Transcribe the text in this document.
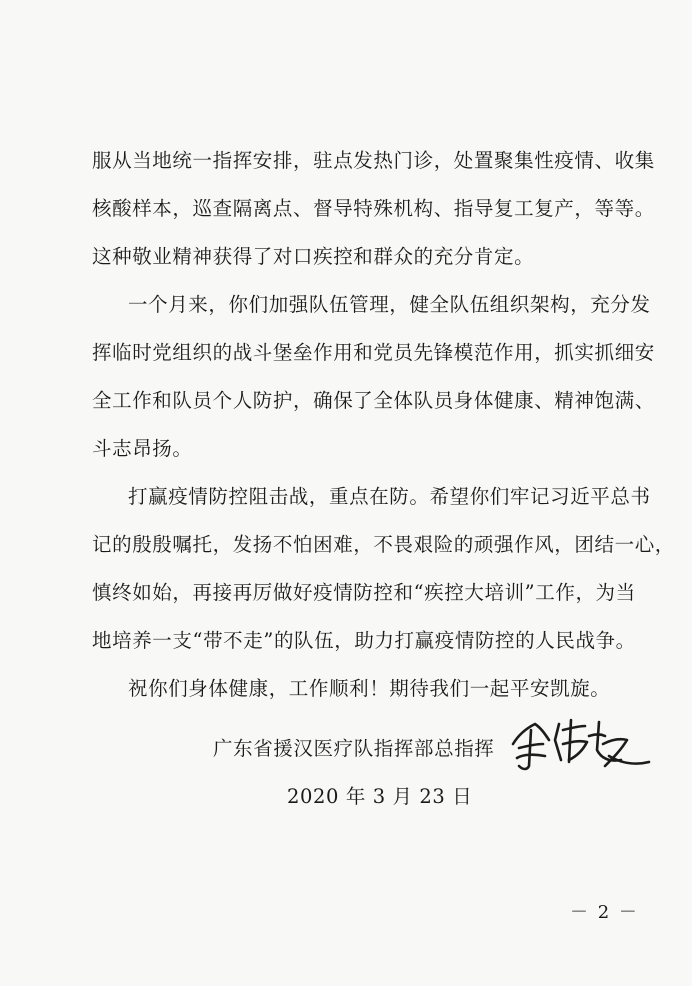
服从当地统一指挥安排，驻点发热门诊，处置聚集性疫情、收集
核酸样本，巡查隔离点、督导特殊机构、指导复工复产，等等。
这种敬业精神获得了对口疾控和群众的充分肯定。
一个月来，你们加强队伍管理，健全队伍组织架构，充分发
挥临时党组织的战斗堡垒作用和党员先锋模范作用，抓实抓细安
全工作和队员个人防护，确保了全体队员身体健康、精神饱满、
斗志昂扬。
打赢疫情防控阻击战，重点在防。希望你们牢记习近平总书
记的殷殷嘱托，发扬不怕困难，不畏艰险的顽强作风，团结一心，
慎终如始，再接再厉做好疫情防控和“疾控大培训”工作，为当
地培养一支“带不走”的队伍，助力打赢疫情防控的人民战争。
祝你们身体健康，工作顺利！期待我们一起平安凯旋。
广东省援汉医疗队指挥部总指挥
2020 年 3 月 23 日
－ 2 －
